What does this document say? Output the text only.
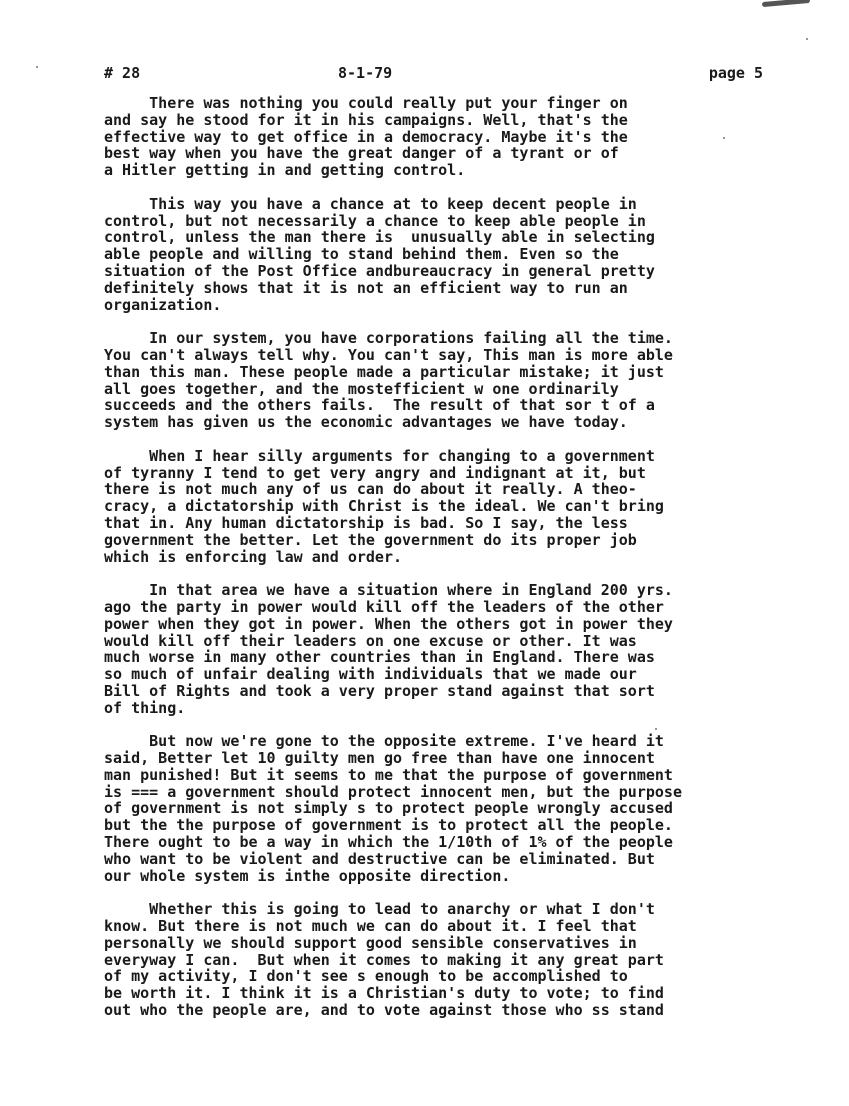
# 28	8-1-79	page 5

There was nothing you could really put your finger on
and say he stood for it in his campaigns. Well, that's the
effective way to get office in a democracy. Maybe it's the
best way when you have the great danger of a tyrant or of
a Hitler getting in and getting control.

This way you have a chance at to keep decent people in
control, but not necessarily a chance to keep able people in
control, unless the man there is  unusually able in selecting
able people and willing to stand behind them. Even so the
situation of the Post Office andbureaucracy in general pretty
definitely shows that it is not an efficient way to run an
organization.

In our system, you have corporations failing all the time.
You can't always tell why. You can't say, This man is more able
than this man. These people made a particular mistake; it just
all goes together, and the mostefficient w one ordinarily
succeeds and the others fails.  The result of that sor t of a
system has given us the economic advantages we have today.

When I hear silly arguments for changing to a government
of tyranny I tend to get very angry and indignant at it, but
there is not much any of us can do about it really. A theo-
cracy, a dictatorship with Christ is the ideal. We can't bring
that in. Any human dictatorship is bad. So I say, the less
government the better. Let the government do its proper job
which is enforcing law and order.

In that area we have a situation where in England 200 yrs.
ago the party in power would kill off the leaders of the other
power when they got in power. When the others got in power they
would kill off their leaders on one excuse or other. It was
much worse in many other countries than in England. There was
so much of unfair dealing with individuals that we made our
Bill of Rights and took a very proper stand against that sort
of thing.

But now we're gone to the opposite extreme. I've heard it
said, Better let 10 guilty men go free than have one innocent
man punished! But it seems to me that the purpose of government
is === a government should protect innocent men, but the purpose
of government is not simply s to protect people wrongly accused
but the the purpose of government is to protect all the people.
There ought to be a way in which the 1/10th of 1% of the people
who want to be violent and destructive can be eliminated. But
our whole system is inthe opposite direction.

Whether this is going to lead to anarchy or what I don't
know. But there is not much we can do about it. I feel that
personally we should support good sensible conservatives in
everyway I can.  But when it comes to making it any great part
of my activity, I don't see s enough to be accomplished to
be worth it. I think it is a Christian's duty to vote; to find
out who the people are, and to vote against those who ss stand
